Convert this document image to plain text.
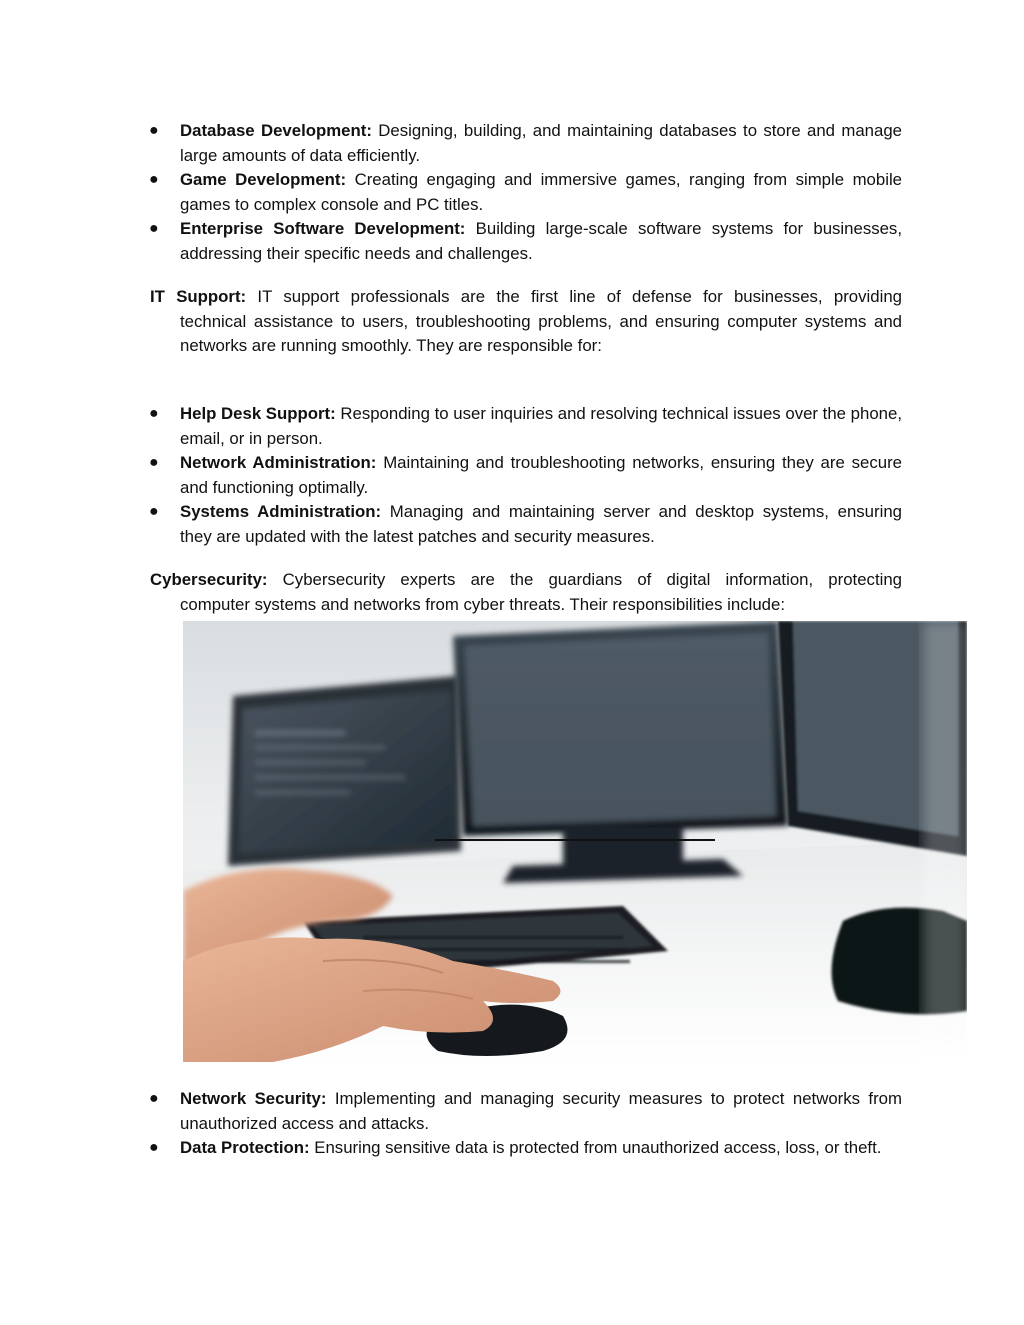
●	Database Development: Designing, building, and maintaining databases to store and manage large amounts of data efficiently.
●	Game Development: Creating engaging and immersive games, ranging from simple mobile games to complex console and PC titles.
●	Enterprise Software Development: Building large-scale software systems for businesses, addressing their specific needs and challenges.
IT Support: IT support professionals are the first line of defense for businesses, providing
technical assistance to users, troubleshooting problems, and ensuring computer systems and networks are running smoothly. They are responsible for:
●	Help Desk Support: Responding to user inquiries and resolving technical issues over the phone, email, or in person.
●	Network Administration: Maintaining and troubleshooting networks, ensuring they are secure and functioning optimally.
●	Systems Administration: Managing and maintaining server and desktop systems, ensuring they are updated with the latest patches and security measures.
Cybersecurity: Cybersecurity experts are the guardians of digital information, protecting
computer systems and networks from cyber threats. Their responsibilities include:
●	Network Security: Implementing and managing security measures to protect networks from unauthorized access and attacks.
●	Data Protection: Ensuring sensitive data is protected from unauthorized access, loss, or theft.
